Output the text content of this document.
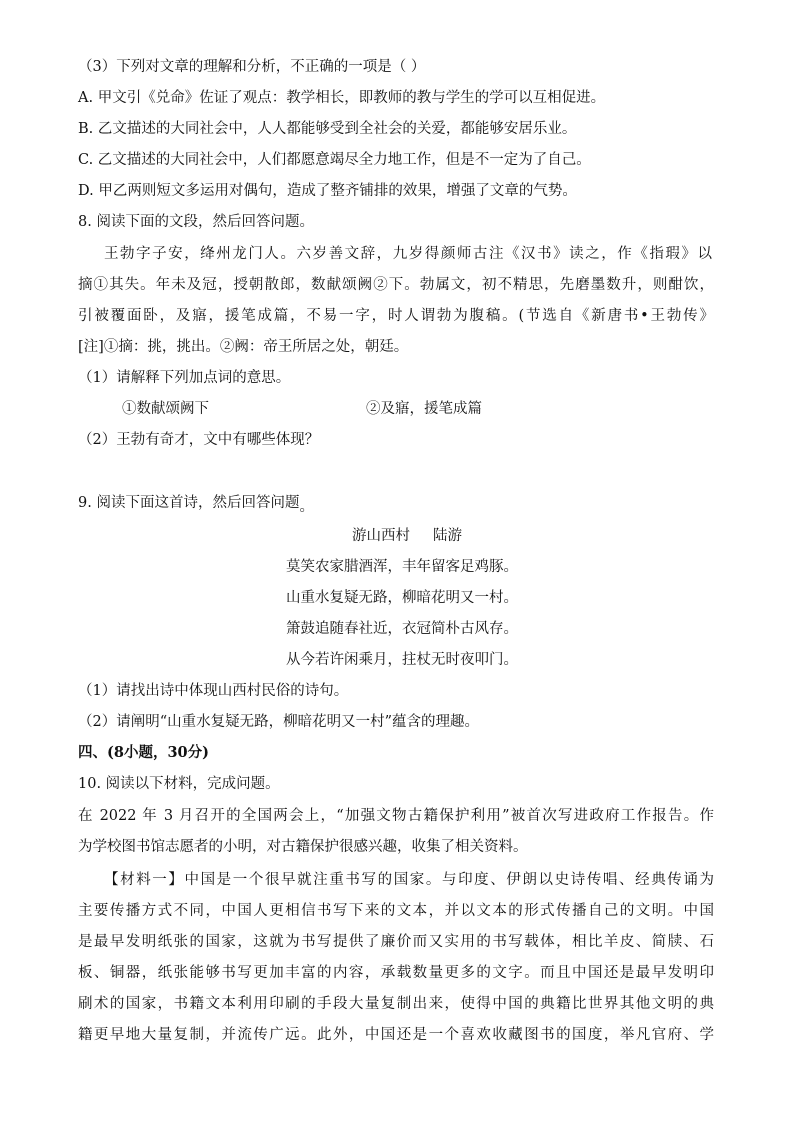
（3）下列对文章的理解和分析，不正确的一项是（ ）
A. 甲文引《兑命》佐证了观点：教学相长，即教师的教与学生的学可以互相促进。
B. 乙文描述的大同社会中，人人都能够受到全社会的关爱，都能够安居乐业。
C. 乙文描述的大同社会中，人们都愿意竭尽全力地工作，但是不一定为了自己。
D. 甲乙两则短文多运用对偶句，造成了整齐铺排的效果，增强了文章的气势。
8. 阅读下面的文段，然后回答问题。
王勃字子安，绛州龙门人。六岁善文辞，九岁得颜师古注《汉书》读之，作《指瑕》以
摘①其失。年未及冠，授朝散郎，数献颂阙②下。勃属文，初不精思，先磨墨数升，则酣饮，
引被覆面卧，及寤，援笔成篇，不易一字，时人谓勃为腹稿。(节选自《新唐书•王勃传》
[注]①摘：挑，挑出。②阙：帝王所居之处，朝廷。
（1）请解释下列加点词的意思。
①数献颂阙下	②及寤，援笔成篇
（2）王勃有奇才，文中有哪些体现？
9. 阅读下面这首诗，然后回答问题。
游山西村     陆游
莫笑农家腊酒浑，丰年留客足鸡豚。
山重水复疑无路，柳暗花明又一村。
箫鼓追随春社近，衣冠简朴古风存。
从今若许闲乘月，拄杖无时夜叩门。
（1）请找出诗中体现山西村民俗的诗句。
（2）请阐明“山重水复疑无路，柳暗花明又一村”蕴含的理趣。
四、(8小题，30分)
10. 阅读以下材料，完成问题。
在 2022 年 3 月召开的全国两会上，“加强文物古籍保护利用”被首次写进政府工作报告。作
为学校图书馆志愿者的小明，对古籍保护很感兴趣，收集了相关资料。
【材料一】中国是一个很早就注重书写的国家。与印度、伊朗以史诗传唱、经典传诵为
主要传播方式不同，中国人更相信书写下来的文本，并以文本的形式传播自己的文明。中国
是最早发明纸张的国家，这就为书写提供了廉价而又实用的书写载体，相比羊皮、简牍、石
板、铜器，纸张能够书写更加丰富的内容，承载数量更多的文字。而且中国还是最早发明印
刷术的国家，书籍文本利用印刷的手段大量复制出来，使得中国的典籍比世界其他文明的典
籍更早地大量复制，并流传广远。此外，中国还是一个喜欢收藏图书的国度，举凡官府、学
